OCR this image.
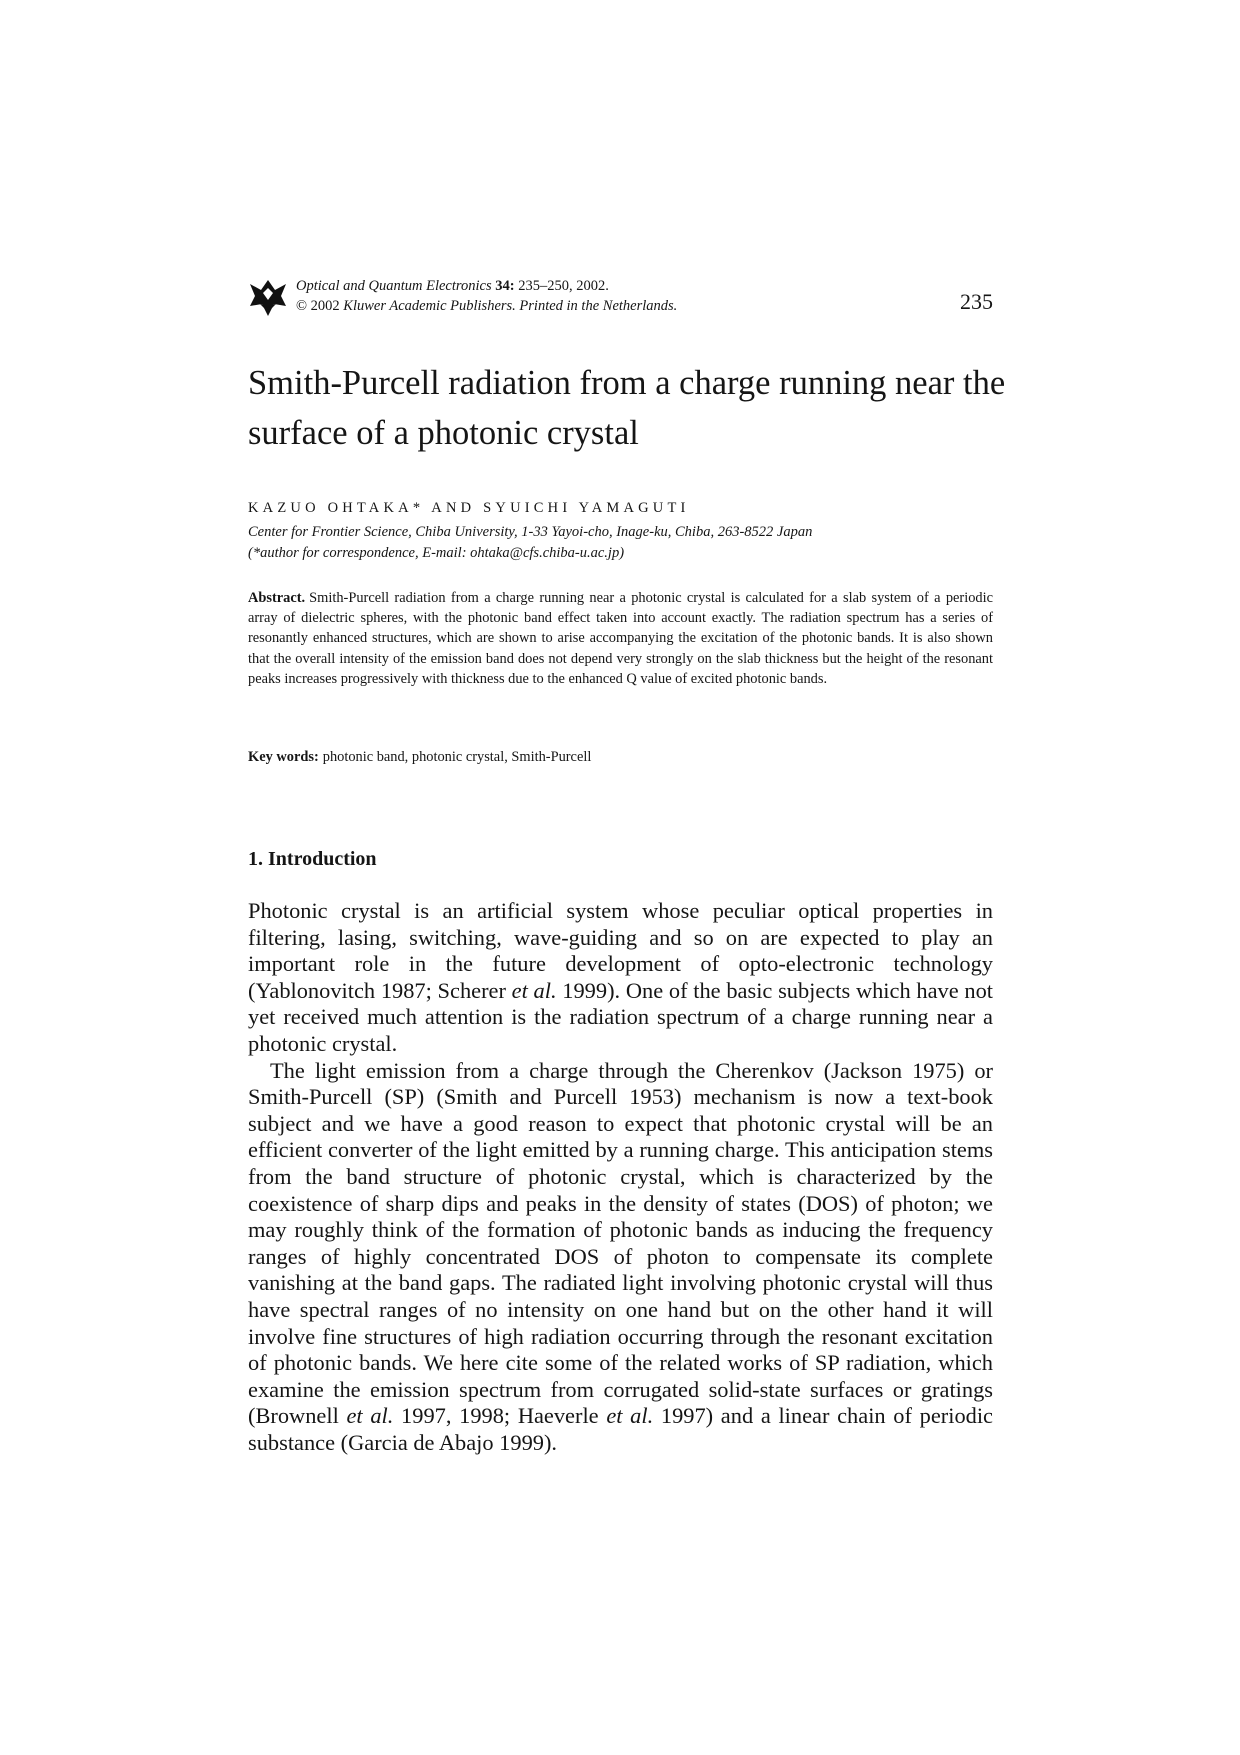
Optical and Quantum Electronics 34: 235–250, 2002.
© 2002 Kluwer Academic Publishers. Printed in the Netherlands.	235
Smith-Purcell radiation from a charge running near the surface of a photonic crystal
KAZUO OHTAKA* AND SYUICHI YAMAGUTI
Center for Frontier Science, Chiba University, 1-33 Yayoi-cho, Inage-ku, Chiba, 263-8522 Japan
(*author for correspondence, E-mail: ohtaka@cfs.chiba-u.ac.jp)

Abstract. Smith-Purcell radiation from a charge running near a photonic crystal is calculated for a slab system of a periodic array of dielectric spheres, with the photonic band effect taken into account exactly. The radiation spectrum has a series of resonantly enhanced structures, which are shown to arise accompanying the excitation of the photonic bands. It is also shown that the overall intensity of the emission band does not depend very strongly on the slab thickness but the height of the resonant peaks increases progressively with thickness due to the enhanced Q value of excited photonic bands.

Key words: photonic band, photonic crystal, Smith-Purcell
1. Introduction

Photonic crystal is an artificial system whose peculiar optical properties in filtering, lasing, switching, wave-guiding and so on are expected to play an important role in the future development of opto-electronic technology (Yablonovitch 1987; Scherer et al. 1999). One of the basic subjects which have not yet received much attention is the radiation spectrum of a charge running near a photonic crystal.

The light emission from a charge through the Cherenkov (Jackson 1975) or Smith-Purcell (SP) (Smith and Purcell 1953) mechanism is now a text-book subject and we have a good reason to expect that photonic crystal will be an efficient converter of the light emitted by a running charge. This anticipation stems from the band structure of photonic crystal, which is characterized by the coexistence of sharp dips and peaks in the density of states (DOS) of photon; we may roughly think of the formation of photonic bands as inducing the frequency ranges of highly concentrated DOS of photon to compensate its complete vanishing at the band gaps. The radiated light involving photonic crystal will thus have spectral ranges of no intensity on one hand but on the other hand it will involve fine structures of high radiation occurring through the resonant excitation of photonic bands. We here cite some of the related works of SP radiation, which examine the emission spectrum from corrugated solid-state surfaces or gratings (Brownell et al. 1997, 1998; Haeverle et al. 1997) and a linear chain of periodic substance (Garcia de Abajo 1999).
